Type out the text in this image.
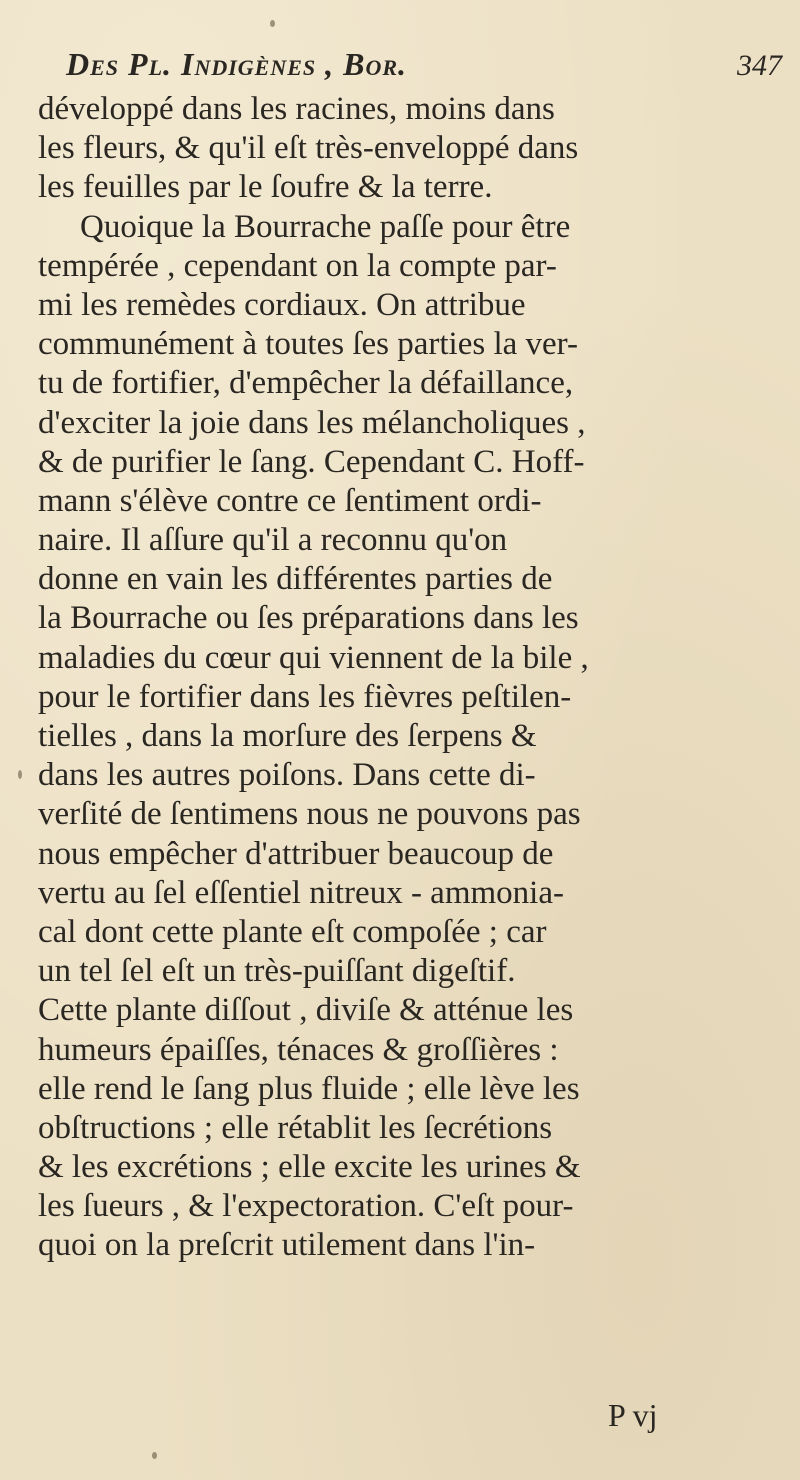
Des Pl. Indigènes , Bor.	347
développé dans les racines, moins dans
les fleurs, & qu'il eſt très-enveloppé dans
les feuilles par le ſoufre & la terre.
Quoique la Bourrache paſſe pour être
tempérée , cependant on la compte par-
mi les remèdes cordiaux. On attribue
communément à toutes ſes parties la ver-
tu de fortifier, d'empêcher la défaillance,
d'exciter la joie dans les mélancholiques ,
& de purifier le ſang. Cependant C. Hoff-
mann s'élève contre ce ſentiment ordi-
naire. Il aſſure qu'il a reconnu qu'on
donne en vain les différentes parties de
la Bourrache ou ſes préparations dans les
maladies du cœur qui viennent de la bile ,
pour le fortifier dans les fièvres peſtilen-
tielles , dans la morſure des ſerpens &
dans les autres poiſons. Dans cette di-
verſité de ſentimens nous ne pouvons pas
nous empêcher d'attribuer beaucoup de
vertu au ſel eſſentiel nitreux - ammonia-
cal dont cette plante eſt compoſée ; car
un tel ſel eſt un très-puiſſant digeſtif.
Cette plante diſſout , diviſe & atténue les
humeurs épaiſſes, ténaces & groſſières :
elle rend le ſang plus fluide ; elle lève les
obſtructions ; elle rétablit les ſecrétions
& les excrétions ; elle excite les urines &
les ſueurs , & l'expectoration. C'eſt pour-
quoi on la preſcrit utilement dans l'in-
P vj
